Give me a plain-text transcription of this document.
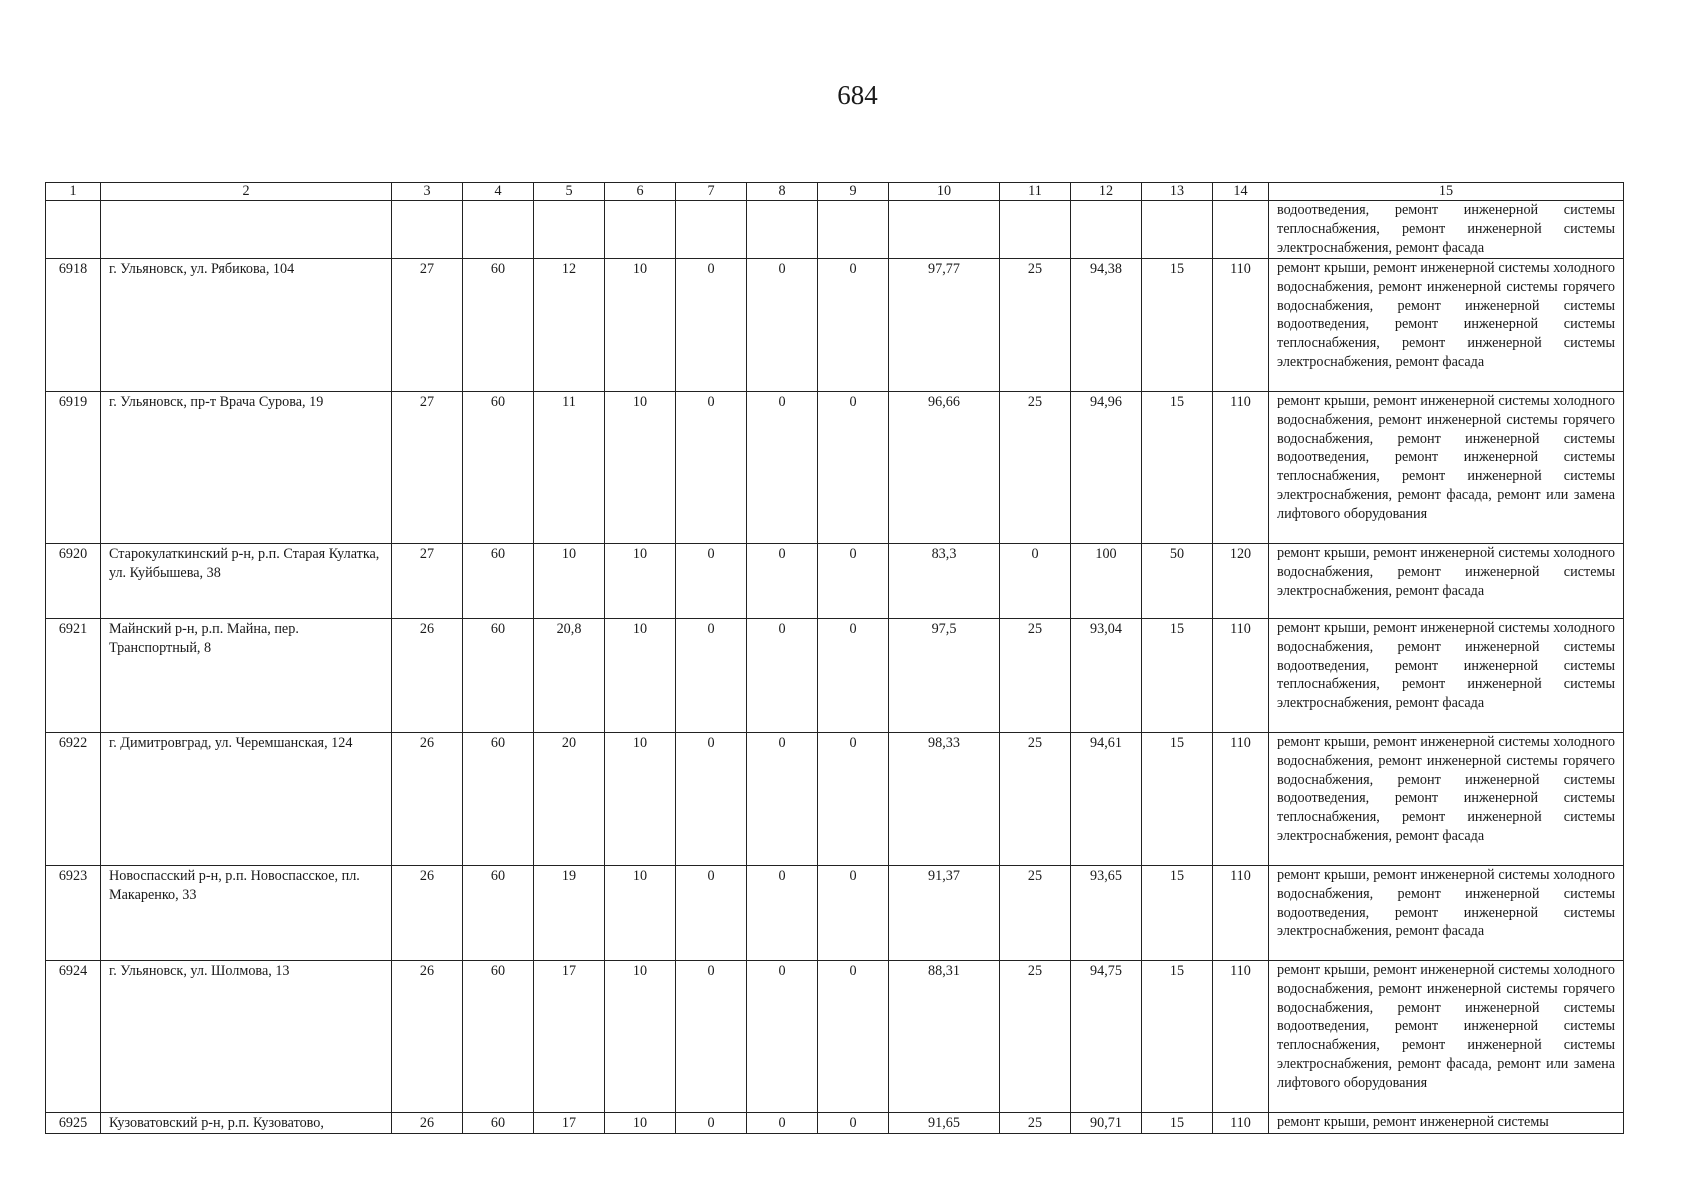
684
1	2	3	4	5	6	7	8	9	10	11	12	13	14	15
														водоотведения, ремонт инженерной системы теплоснабжения, ремонт инженерной системы электроснабжения, ремонт фасада
6918	г. Ульяновск, ул. Рябикова, 104	27	60	12	10	0	0	0	97,77	25	94,38	15	110	ремонт крыши, ремонт инженерной системы холодного водоснабжения, ремонт инженерной системы горячего водоснабжения, ремонт инженерной системы водоотведения, ремонт инженерной системы теплоснабжения, ремонт инженерной системы электроснабжения, ремонт фасада
6919	г. Ульяновск, пр-т Врача Сурова, 19	27	60	11	10	0	0	0	96,66	25	94,96	15	110	ремонт крыши, ремонт инженерной системы холодного водоснабжения, ремонт инженерной системы горячего водоснабжения, ремонт инженерной системы водоотведения, ремонт инженерной системы теплоснабжения, ремонт инженерной системы электроснабжения, ремонт фасада, ремонт или замена лифтового оборудования
6920	Старокулаткинский р-н, р.п. Старая Кулатка, ул. Куйбышева, 38	27	60	10	10	0	0	0	83,3	0	100	50	120	ремонт крыши, ремонт инженерной системы холодного водоснабжения, ремонт инженерной системы электроснабжения, ремонт фасада
6921	Майнский р-н, р.п. Майна, пер. Транспортный, 8	26	60	20,8	10	0	0	0	97,5	25	93,04	15	110	ремонт крыши, ремонт инженерной системы холодного водоснабжения, ремонт инженерной системы водоотведения, ремонт инженерной системы теплоснабжения, ремонт инженерной системы электроснабжения, ремонт фасада
6922	г. Димитровград, ул. Черемшанская, 124	26	60	20	10	0	0	0	98,33	25	94,61	15	110	ремонт крыши, ремонт инженерной системы холодного водоснабжения, ремонт инженерной системы горячего водоснабжения, ремонт инженерной системы водоотведения, ремонт инженерной системы теплоснабжения, ремонт инженерной системы электроснабжения, ремонт фасада
6923	Новоспасский р-н, р.п. Новоспасское, пл. Макаренко, 33	26	60	19	10	0	0	0	91,37	25	93,65	15	110	ремонт крыши, ремонт инженерной системы холодного водоснабжения, ремонт инженерной системы водоотведения, ремонт инженерной системы электроснабжения, ремонт фасада
6924	г. Ульяновск, ул. Шолмова, 13	26	60	17	10	0	0	0	88,31	25	94,75	15	110	ремонт крыши, ремонт инженерной системы холодного водоснабжения, ремонт инженерной системы горячего водоснабжения, ремонт инженерной системы водоотведения, ремонт инженерной системы теплоснабжения, ремонт инженерной системы электроснабжения, ремонт фасада, ремонт или замена лифтового оборудования
6925	Кузоватовский р-н, р.п. Кузоватово,	26	60	17	10	0	0	0	91,65	25	90,71	15	110	ремонт крыши, ремонт инженерной системы
